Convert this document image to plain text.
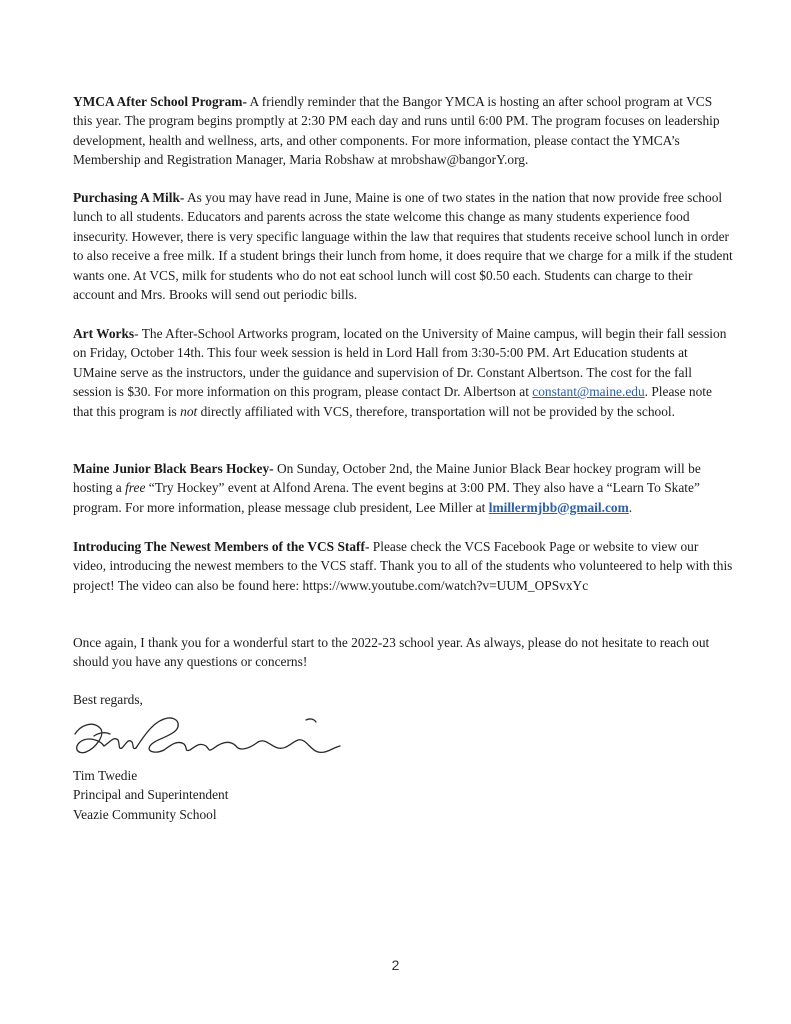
YMCA After School Program- A friendly reminder that the Bangor YMCA is hosting an after school program at VCS this year. The program begins promptly at 2:30 PM each day and runs until 6:00 PM. The program focuses on leadership development, health and wellness, arts, and other components. For more information, please contact the YMCA’s Membership and Registration Manager, Maria Robshaw at mrobshaw@bangorY.org.

Purchasing A Milk- As you may have read in June, Maine is one of two states in the nation that now provide free school lunch to all students. Educators and parents across the state welcome this change as many students experience food insecurity. However, there is very specific language within the law that requires that students receive school lunch in order to also receive a free milk. If a student brings their lunch from home, it does require that we charge for a milk if the student wants one. At VCS, milk for students who do not eat school lunch will cost $0.50 each. Students can charge to their account and Mrs. Brooks will send out periodic bills.

Art Works- The After-School Artworks program, located on the University of Maine campus, will begin their fall session on Friday, October 14th. This four week session is held in Lord Hall from 3:30-5:00 PM. Art Education students at UMaine serve as the instructors, under the guidance and supervision of Dr. Constant Albertson. The cost for the fall session is $30. For more information on this program, please contact Dr. Albertson at constant@maine.edu. Please note that this program is not directly affiliated with VCS, therefore, transportation will not be provided by the school.

Maine Junior Black Bears Hockey- On Sunday, October 2nd, the Maine Junior Black Bear hockey program will be hosting a free “Try Hockey” event at Alfond Arena. The event begins at 3:00 PM. They also have a “Learn To Skate” program. For more information, please message club president, Lee Miller at lmillermjbb@gmail.com.

Introducing The Newest Members of the VCS Staff- Please check the VCS Facebook Page or website to view our video, introducing the newest members to the VCS staff. Thank you to all of the students who volunteered to help with this project! The video can also be found here: https://www.youtube.com/watch?v=UUM_OPSvxYc

Once again, I thank you for a wonderful start to the 2022-23 school year. As always, please do not hesitate to reach out should you have any questions or concerns!

Best regards,
Tim Twedie
Principal and Superintendent
Veazie Community School
2
